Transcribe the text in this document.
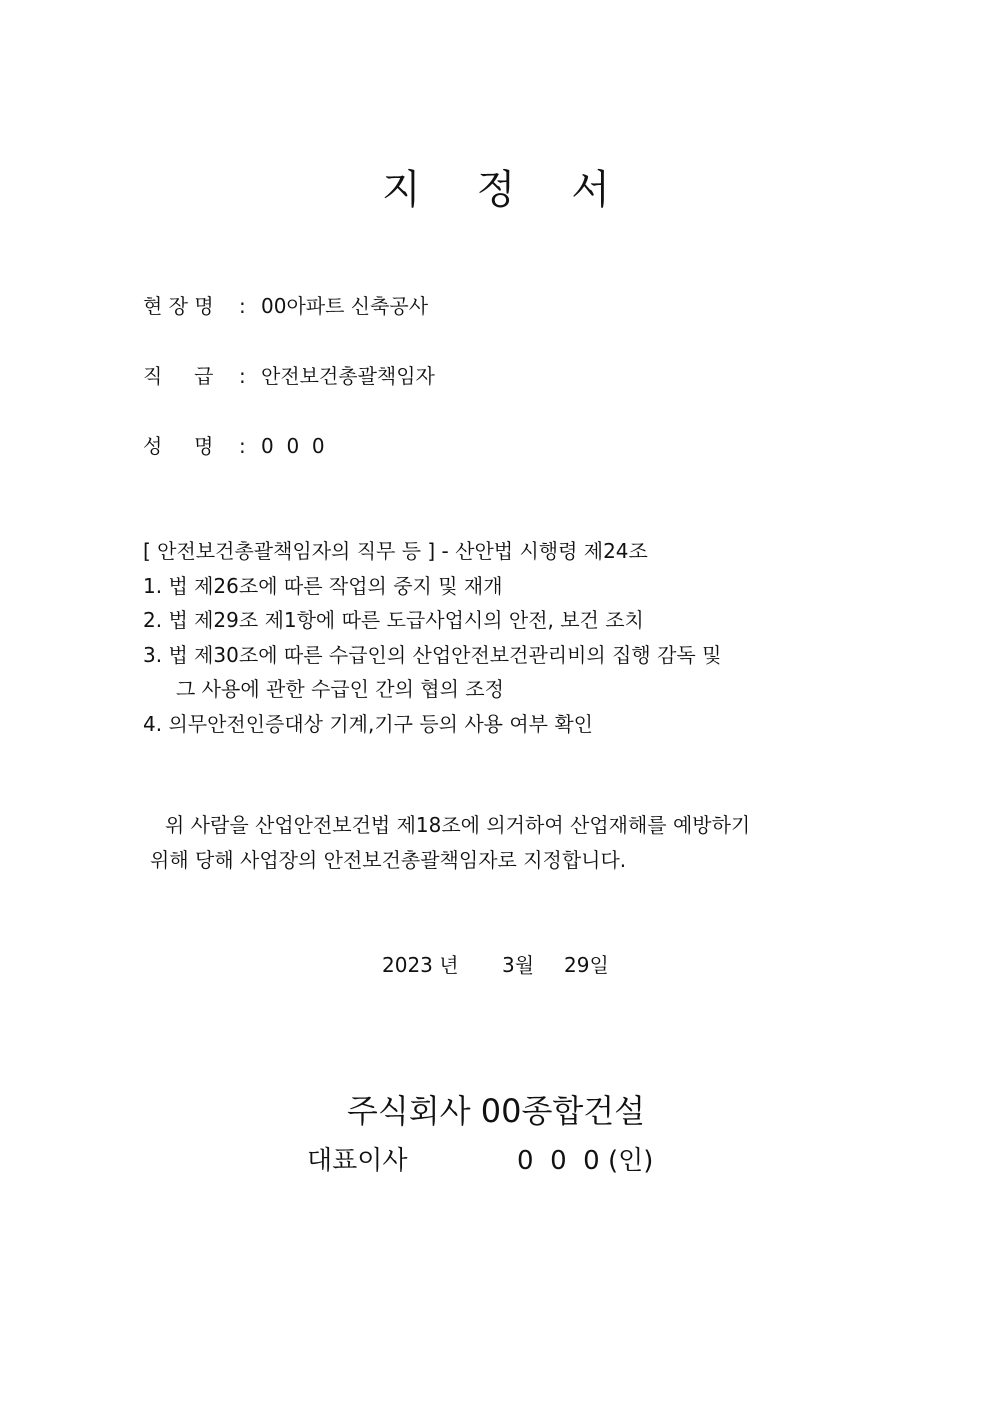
지정서
현 장 명	: 00아파트 신축공사
직     급	: 안전보건총괄책임자
성     명	: 0  0  0
[ 안전보건총괄책임자의 직무 등 ] - 산안법 시행령 제24조
1. 법 제26조에 따른 작업의 중지 및 재개
2. 법 제29조 제1항에 따른 도급사업시의 안전, 보건 조치
3. 법 제30조에 따른 수급인의 산업안전보건관리비의 집행 감독 및
그 사용에 관한 수급인 간의 협의 조정
4. 의무안전인증대상 기계,기구 등의 사용 여부 확인
위 사람을 산업안전보건법 제18조에 의거하여 산업재해를 예방하기
위해 당해 사업장의 안전보건총괄책임자로 지정합니다.
2023 년	3월	29일
주식회사 00종합건설
대표이사	0  0  0 (인)
